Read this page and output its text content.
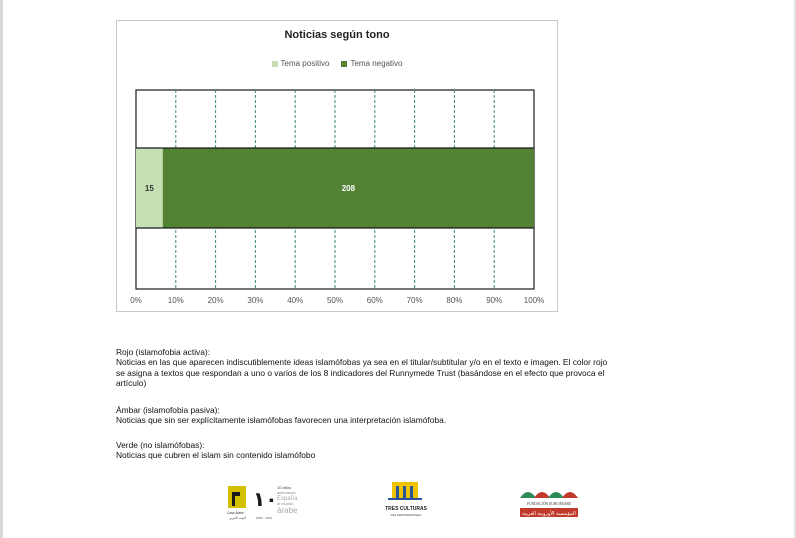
Noticias según tono
Tema positivo	Tema negativo
0%	10%	20%	30%	40%	50%	60%	70%	80%	90%	100%
15	208
Rojo (islamofobia activa):
Noticias en las que aparecen indiscutiblemente ideas islamófobas ya sea en el titular/subtitular y/o en el texto e imagen. El color rojo
se asigna a textos que respondan a uno o varios de los 8 indicadores del Runnymede Trust (basándose en el efecto que provoca el
artículo)
Ámbar (islamofobia pasiva):
Noticias que sin ser explícitamente islamófobas favorecen una interpretación islamófoba.
Verde (no islamófobas):
Noticias que cubren el islam sin contenido islamófobo
Casa Árabe
البيت العربي
١٠
2006 - 2016
10 años
acercando
España
al mundo
árabe	TRES CULTURAS
DEL MEDITERRÁNEO
FUNDACIÓN EUROÁRABE
المؤسسة الأوروبية العربية
